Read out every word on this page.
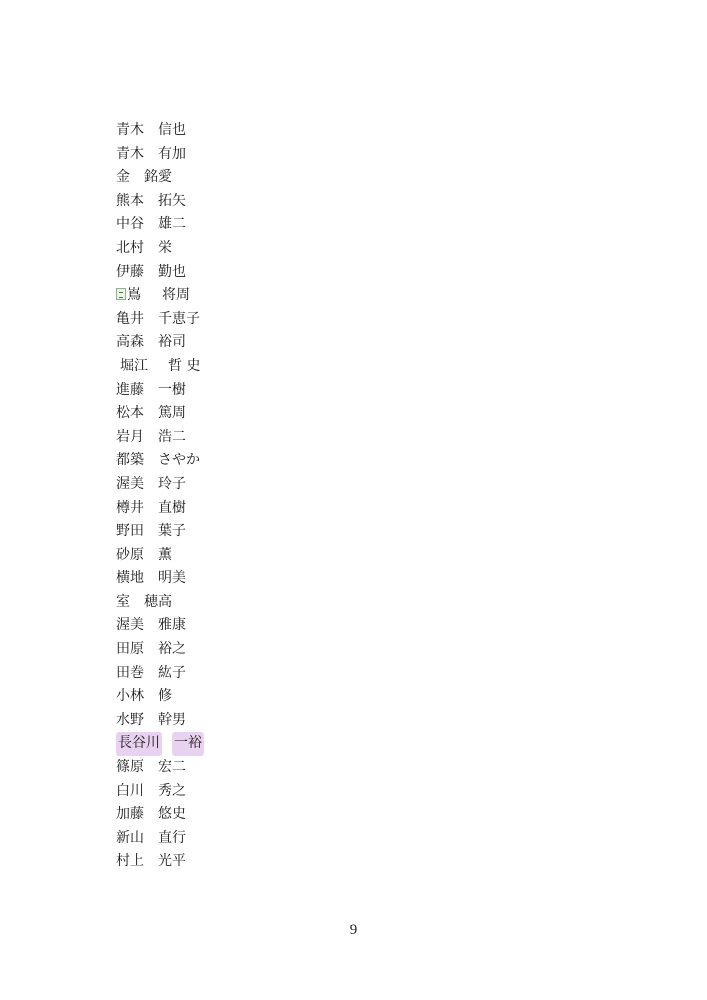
青木 信也
青木 有加
金 銘愛
熊本 拓矢
中谷 雄二
北村 栄
伊藤 勤也
嶌 将周
亀井 千恵子
高森 裕司
堀江 哲 史
進藤 一樹
松本 篤周
岩月 浩二
都築 さやか
渥美 玲子
樽井 直樹
野田 葉子
砂原 薫
横地 明美
室 穂高
渥美 雅康
田原 裕之
田巻 紘子
小林 修
水野 幹男
長谷川 一裕
篠原 宏二
白川 秀之
加藤 悠史
新山 直行
村上 光平
9
